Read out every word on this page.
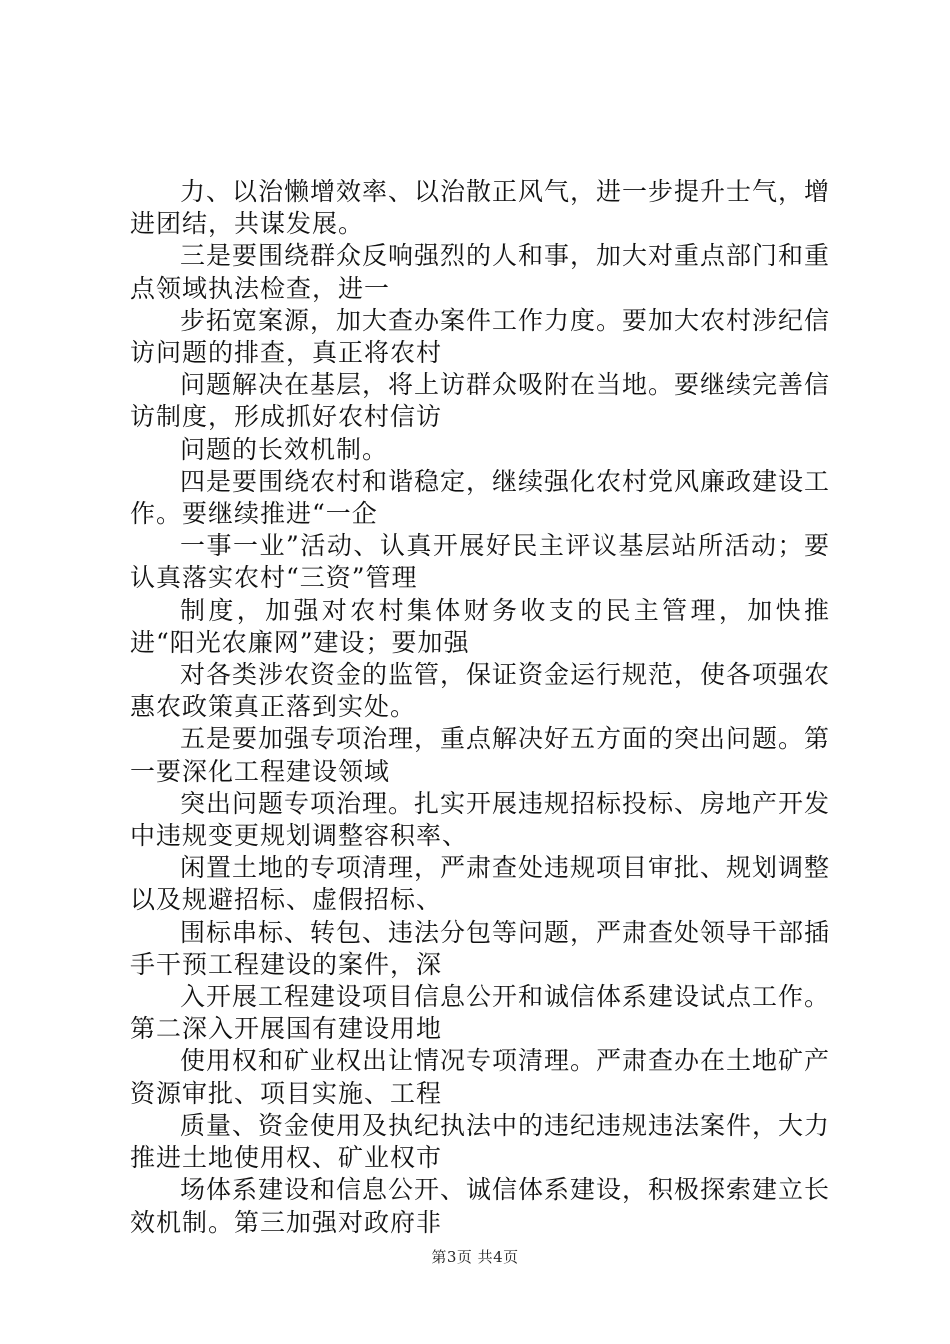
力、以治懒增效率、以治散正风气，进一步提升士气，增进团结，共谋发展。

三是要围绕群众反响强烈的人和事，加大对重点部门和重点领域执法检查，进一

步拓宽案源，加大查办案件工作力度。要加大农村涉纪信访问题的排查，真正将农村

问题解决在基层，将上访群众吸附在当地。要继续完善信访制度，形成抓好农村信访

问题的长效机制。

四是要围绕农村和谐稳定，继续强化农村党风廉政建设工作。要继续推进“一企

一事一业”活动、认真开展好民主评议基层站所活动；要认真落实农村“三资”管理

制度，加强对农村集体财务收支的民主管理，加快推进“阳光农廉网”建设；要加强

对各类涉农资金的监管，保证资金运行规范，使各项强农惠农政策真正落到实处。

五是要加强专项治理，重点解决好五方面的突出问题。第一要深化工程建设领域

突出问题专项治理。扎实开展违规招标投标、房地产开发中违规变更规划调整容积率、

闲置土地的专项清理，严肃查处违规项目审批、规划调整以及规避招标、虚假招标、

围标串标、转包、违法分包等问题，严肃查处领导干部插手干预工程建设的案件，深

入开展工程建设项目信息公开和诚信体系建设试点工作。第二深入开展国有建设用地

使用权和矿业权出让情况专项清理。严肃查办在土地矿产资源审批、项目实施、工程

质量、资金使用及执纪执法中的违纪违规违法案件，大力推进土地使用权、矿业权市

场体系建设和信息公开、诚信体系建设，积极探索建立长效机制。第三加强对政府非

第3页 共4页
